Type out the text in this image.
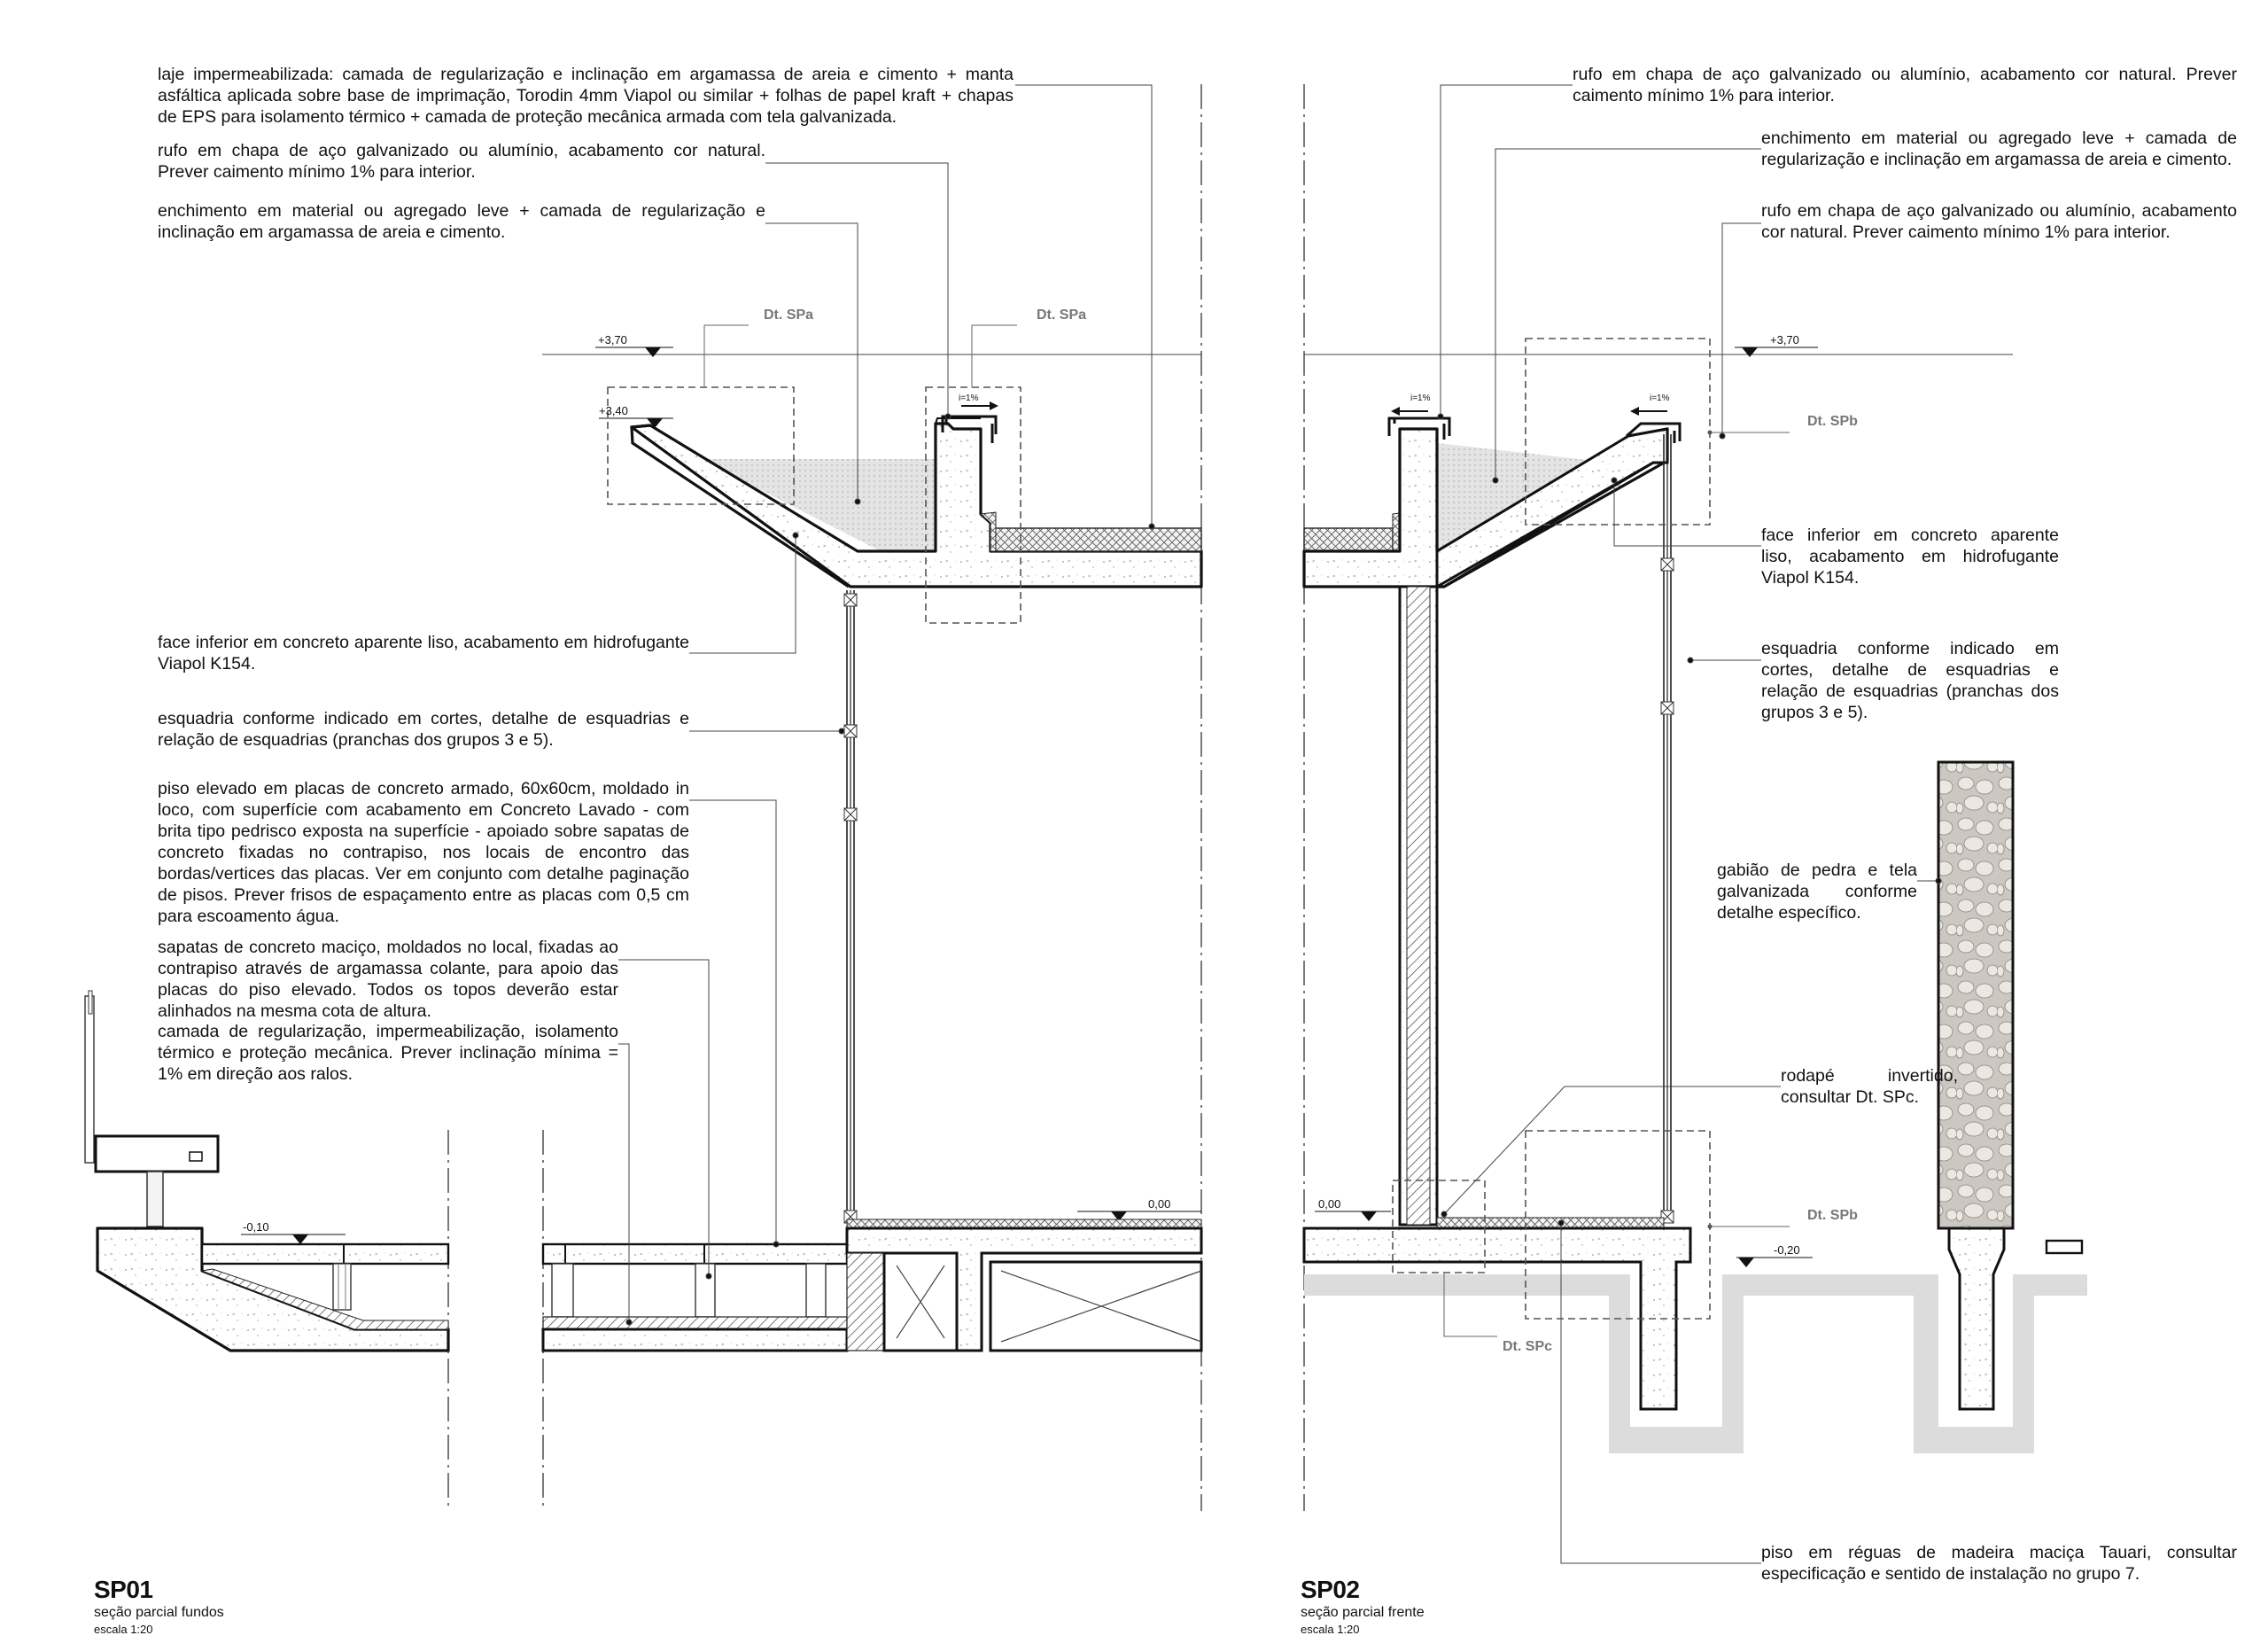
i=1%
Dt. SPa	Dt. SPa
+3,70
+3,40
0,00
-0,10
i=1%	i=1%
Dt. SPb
Dt. SPb
Dt. SPc
+3,70
0,00
-0,20
laje impermeabilizada: camada de regularização e inclinação em argamassa de areia e cimento + manta asfáltica aplicada sobre base de imprimação, Torodin 4mm Viapol ou similar + folhas de papel kraft + chapas de EPS para isolamento térmico + camada de proteção mecânica armada com tela galvanizada.
rufo em chapa de aço galvanizado ou alumínio, acabamento cor natural. Prever caimento mínimo 1% para interior.
enchimento em material ou agregado leve + camada de regularização e inclinação em argamassa de areia e cimento.
face inferior em concreto aparente liso, acabamento em hidrofugante Viapol K154.
esquadria conforme indicado em cortes, detalhe de esquadrias e relação de esquadrias (pranchas dos grupos 3 e 5).
piso elevado em placas de concreto armado, 60x60cm, moldado in loco, com superfície com acabamento em Concreto Lavado - com brita tipo pedrisco exposta na superfície - apoiado sobre sapatas de concreto fixadas no contrapiso, nos locais de encontro das bordas/vertices das placas. Ver em conjunto com detalhe paginação de pisos. Prever frisos de espaçamento entre as placas com 0,5 cm para escoamento água.
sapatas de concreto maciço, moldados no local, fixadas ao contrapiso através de argamassa colante, para apoio das placas do piso elevado. Todos os topos deverão estar alinhados na mesma cota de altura.
camada de regularização, impermeabilização, isolamento térmico e proteção mecânica. Prever inclinação mínima = 1% em direção aos ralos.
rufo em chapa de aço galvanizado ou alumínio, acabamento cor natural. Prever caimento mínimo 1% para interior.
enchimento em material ou agregado leve + camada de regularização e inclinação em argamassa de areia e cimento.
rufo em chapa de aço galvanizado ou alumínio, acabamento cor natural. Prever caimento mínimo 1% para interior.
face inferior em concreto aparente liso, acabamento em hidrofugante Viapol K154.
esquadria conforme indicado em cortes, detalhe de esquadrias e relação de esquadrias (pranchas dos grupos 3 e 5).
gabião de pedra e tela galvanizada conforme detalhe específico.
rodapé invertido, consultar Dt. SPc.
piso em réguas de madeira maciça Tauari, consultar especificação e sentido de instalação no grupo 7.
SP01
seção parcial fundos
escala 1:20
SP02
seção parcial frente
escala 1:20
